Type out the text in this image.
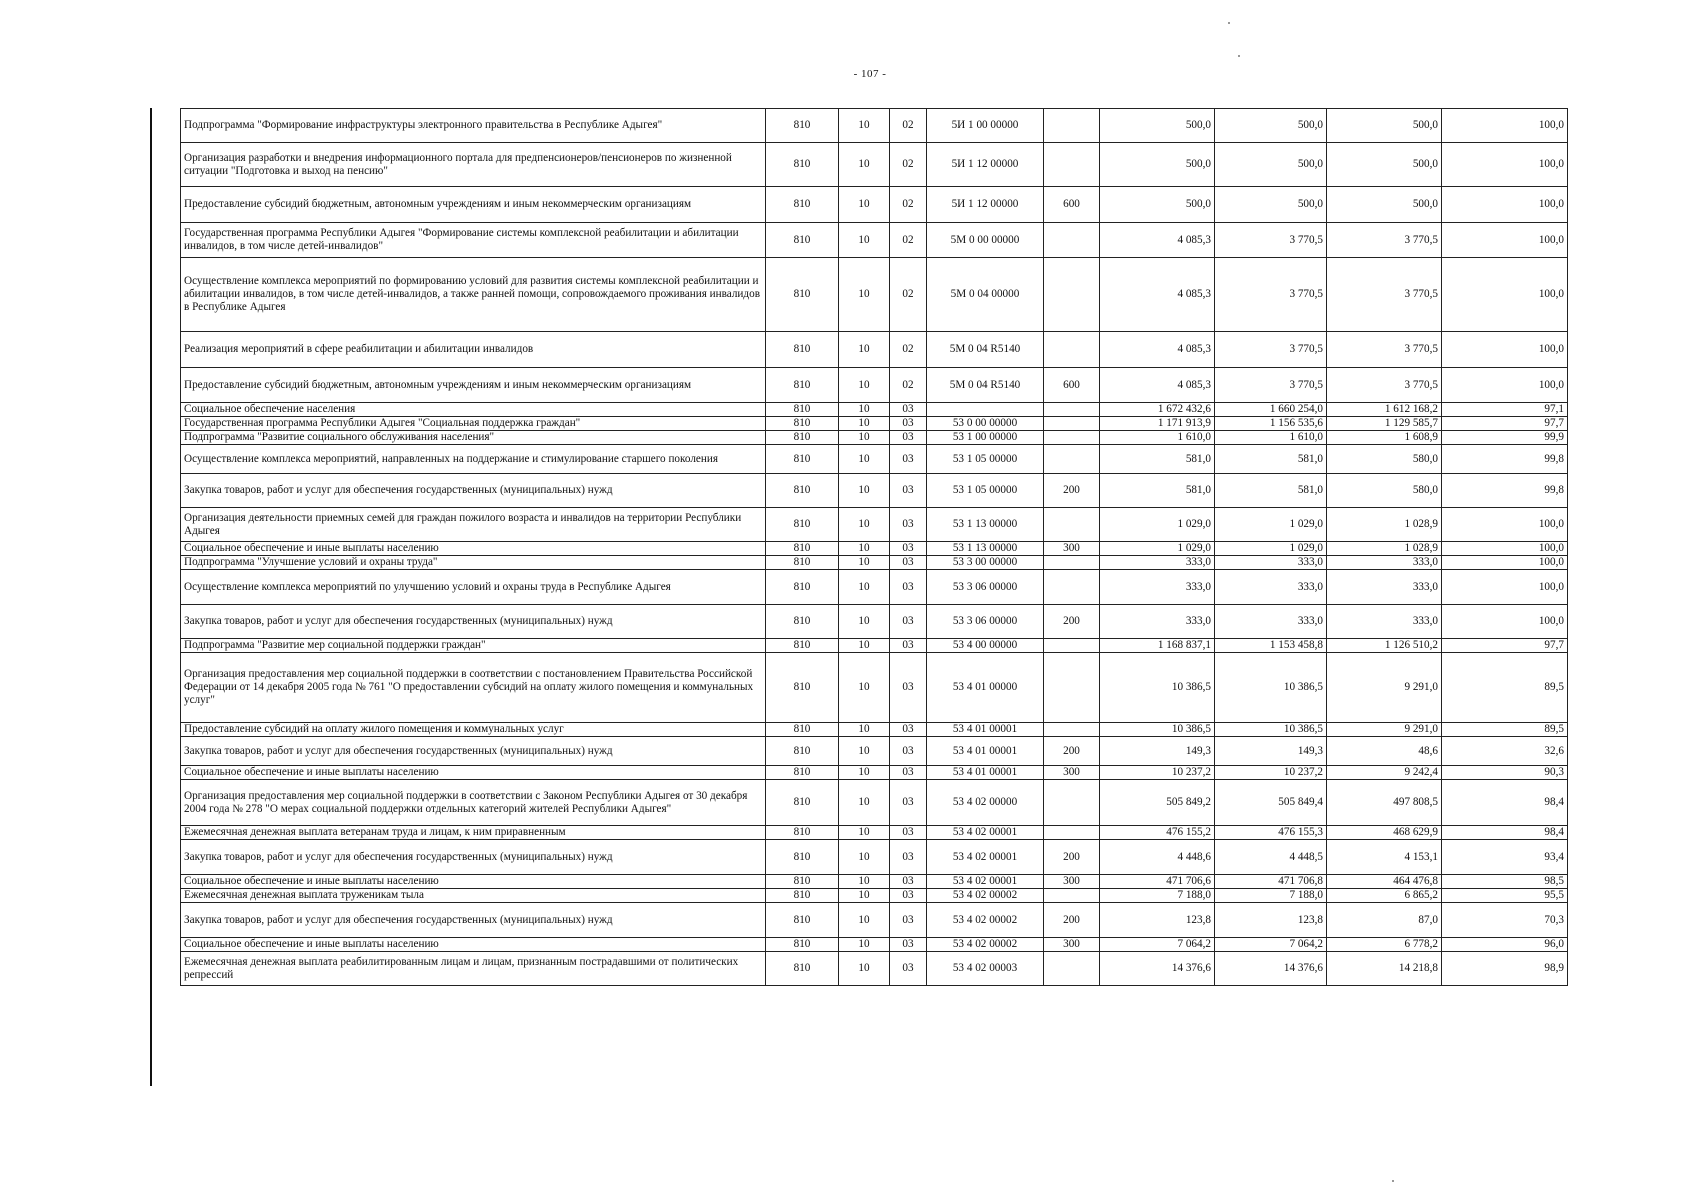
- 107 -
Подпрограмма "Формирование инфраструктуры электронного правительства в Республике Адыгея"	810	10	02	5И 1 00 00000		500,0	500,0	500,0	100,0
Организация разработки и внедрения информационного портала для предпенсионеров/пенсионеров по жизненной ситуации "Подготовка и выход на пенсию"	810	10	02	5И 1 12 00000		500,0	500,0	500,0	100,0
Предоставление субсидий бюджетным, автономным учреждениям и иным некоммерческим организациям	810	10	02	5И 1 12 00000	600	500,0	500,0	500,0	100,0
Государственная программа Республики Адыгея "Формирование системы комплексной реабилитации и абилитации инвалидов, в том числе детей-инвалидов"	810	10	02	5М 0 00 00000		4 085,3	3 770,5	3 770,5	100,0
Осуществление комплекса мероприятий по формированию условий для развития системы комплексной реабилитации и абилитации инвалидов, в том числе детей-инвалидов, а также ранней помощи, сопровождаемого проживания инвалидов в Республике Адыгея	810	10	02	5М 0 04 00000		4 085,3	3 770,5	3 770,5	100,0
Реализация мероприятий в сфере реабилитации и абилитации инвалидов	810	10	02	5М 0 04 R5140		4 085,3	3 770,5	3 770,5	100,0
Предоставление субсидий бюджетным, автономным учреждениям и иным некоммерческим организациям	810	10	02	5М 0 04 R5140	600	4 085,3	3 770,5	3 770,5	100,0
Социальное обеспечение населения	810	10	03			1 672 432,6	1 660 254,0	1 612 168,2	97,1
Государственная программа Республики Адыгея "Социальная поддержка граждан"	810	10	03	53 0 00 00000		1 171 913,9	1 156 535,6	1 129 585,7	97,7
Подпрограмма "Развитие социального обслуживания населения"	810	10	03	53 1 00 00000		1 610,0	1 610,0	1 608,9	99,9
Осуществление комплекса мероприятий, направленных на поддержание и стимулирование старшего поколения	810	10	03	53 1 05 00000		581,0	581,0	580,0	99,8
Закупка товаров, работ и услуг для обеспечения государственных (муниципальных) нужд	810	10	03	53 1 05 00000	200	581,0	581,0	580,0	99,8
Организация деятельности приемных семей для граждан пожилого возраста и инвалидов на территории Республики Адыгея	810	10	03	53 1 13 00000		1 029,0	1 029,0	1 028,9	100,0
Социальное обеспечение и иные выплаты населению	810	10	03	53 1 13 00000	300	1 029,0	1 029,0	1 028,9	100,0
Подпрограмма "Улучшение условий и охраны труда"	810	10	03	53 3 00 00000		333,0	333,0	333,0	100,0
Осуществление комплекса мероприятий по улучшению условий и охраны труда в Республике Адыгея	810	10	03	53 3 06 00000		333,0	333,0	333,0	100,0
Закупка товаров, работ и услуг для обеспечения государственных (муниципальных) нужд	810	10	03	53 3 06 00000	200	333,0	333,0	333,0	100,0
Подпрограмма "Развитие мер социальной поддержки граждан"	810	10	03	53 4 00 00000		1 168 837,1	1 153 458,8	1 126 510,2	97,7
Организация предоставления мер социальной поддержки в соответствии с постановлением Правительства Российской Федерации от 14 декабря 2005 года № 761 "О предоставлении субсидий на оплату жилого помещения и коммунальных услуг"	810	10	03	53 4 01 00000		10 386,5	10 386,5	9 291,0	89,5
Предоставление субсидий на оплату жилого помещения и коммунальных услуг	810	10	03	53 4 01 00001		10 386,5	10 386,5	9 291,0	89,5
Закупка товаров, работ и услуг для обеспечения государственных (муниципальных) нужд	810	10	03	53 4 01 00001	200	149,3	149,3	48,6	32,6
Социальное обеспечение и иные выплаты населению	810	10	03	53 4 01 00001	300	10 237,2	10 237,2	9 242,4	90,3
Организация предоставления мер социальной поддержки в соответствии с Законом Республики Адыгея от 30 декабря 2004 года № 278 "О мерах социальной поддержки отдельных категорий жителей Республики Адыгея"	810	10	03	53 4 02 00000		505 849,2	505 849,4	497 808,5	98,4
Ежемесячная денежная выплата ветеранам труда и лицам, к ним приравненным	810	10	03	53 4 02 00001		476 155,2	476 155,3	468 629,9	98,4
Закупка товаров, работ и услуг для обеспечения государственных (муниципальных) нужд	810	10	03	53 4 02 00001	200	4 448,6	4 448,5	4 153,1	93,4
Социальное обеспечение и иные выплаты населению	810	10	03	53 4 02 00001	300	471 706,6	471 706,8	464 476,8	98,5
Ежемесячная денежная выплата труженикам тыла	810	10	03	53 4 02 00002		7 188,0	7 188,0	6 865,2	95,5
Закупка товаров, работ и услуг для обеспечения государственных (муниципальных) нужд	810	10	03	53 4 02 00002	200	123,8	123,8	87,0	70,3
Социальное обеспечение и иные выплаты населению	810	10	03	53 4 02 00002	300	7 064,2	7 064,2	6 778,2	96,0
Ежемесячная денежная выплата реабилитированным лицам и лицам, признанным пострадавшими от политических репрессий	810	10	03	53 4 02 00003		14 376,6	14 376,6	14 218,8	98,9
